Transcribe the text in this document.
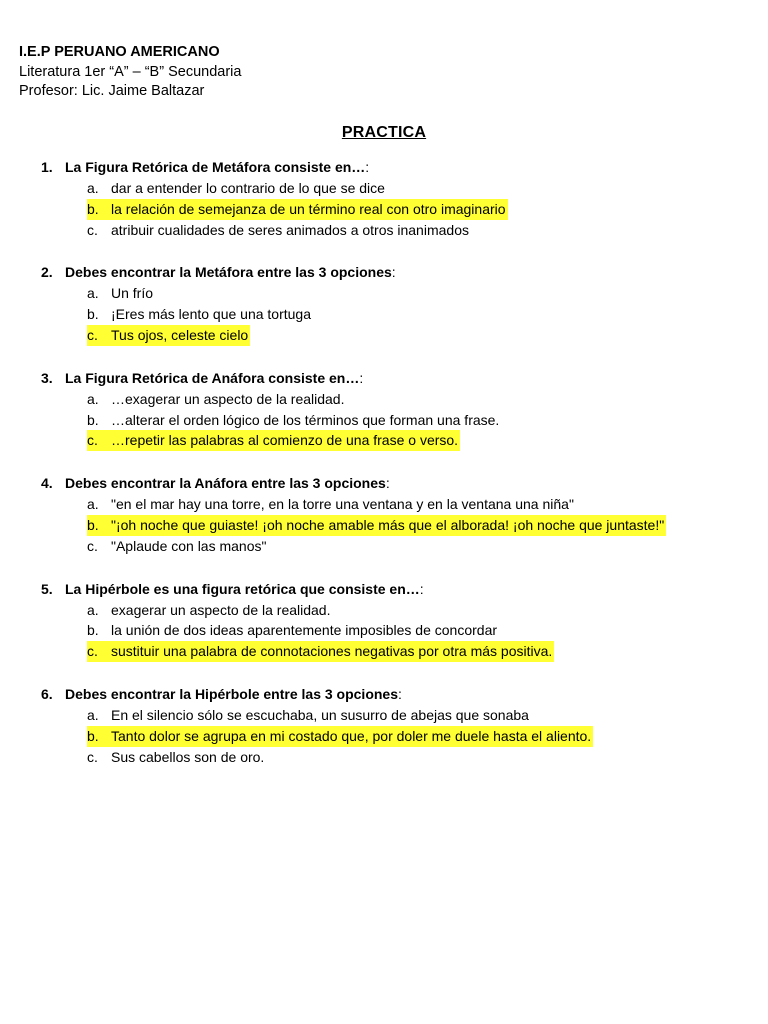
I.E.P PERUANO AMERICANO
Literatura 1er “A” – “B” Secundaria
Profesor: Lic. Jaime Baltazar
PRACTICA
1. La Figura Retórica de Metáfora consiste en…:
a. dar a entender lo contrario de lo que se dice
b. la relación de semejanza de un término real con otro imaginario
c. atribuir cualidades de seres animados a otros inanimados
2. Debes encontrar la Metáfora entre las 3 opciones:
a. Un frío
b. ¡Eres más lento que una tortuga
c. Tus ojos, celeste cielo
3. La Figura Retórica de Anáfora consiste en…:
a. …exagerar un aspecto de la realidad.
b. …alterar el orden lógico de los términos que forman una frase.
c. …repetir las palabras al comienzo de una frase o verso.
4. Debes encontrar la Anáfora entre las 3 opciones:
a. "en el mar hay una torre, en la torre una ventana y en la ventana una niña"
b. "¡oh noche que guiaste! ¡oh noche amable más que el alborada! ¡oh noche que juntaste!"
c. "Aplaude con las manos"
5. La Hipérbole es una figura retórica que consiste en…:
a. exagerar un aspecto de la realidad.
b. la unión de dos ideas aparentemente imposibles de concordar
c. sustituir una palabra de connotaciones negativas por otra más positiva.
6. Debes encontrar la Hipérbole entre las 3 opciones:
a. En el silencio sólo se escuchaba, un susurro de abejas que sonaba
b. Tanto dolor se agrupa en mi costado que, por doler me duele hasta el aliento.
c. Sus cabellos son de oro.
